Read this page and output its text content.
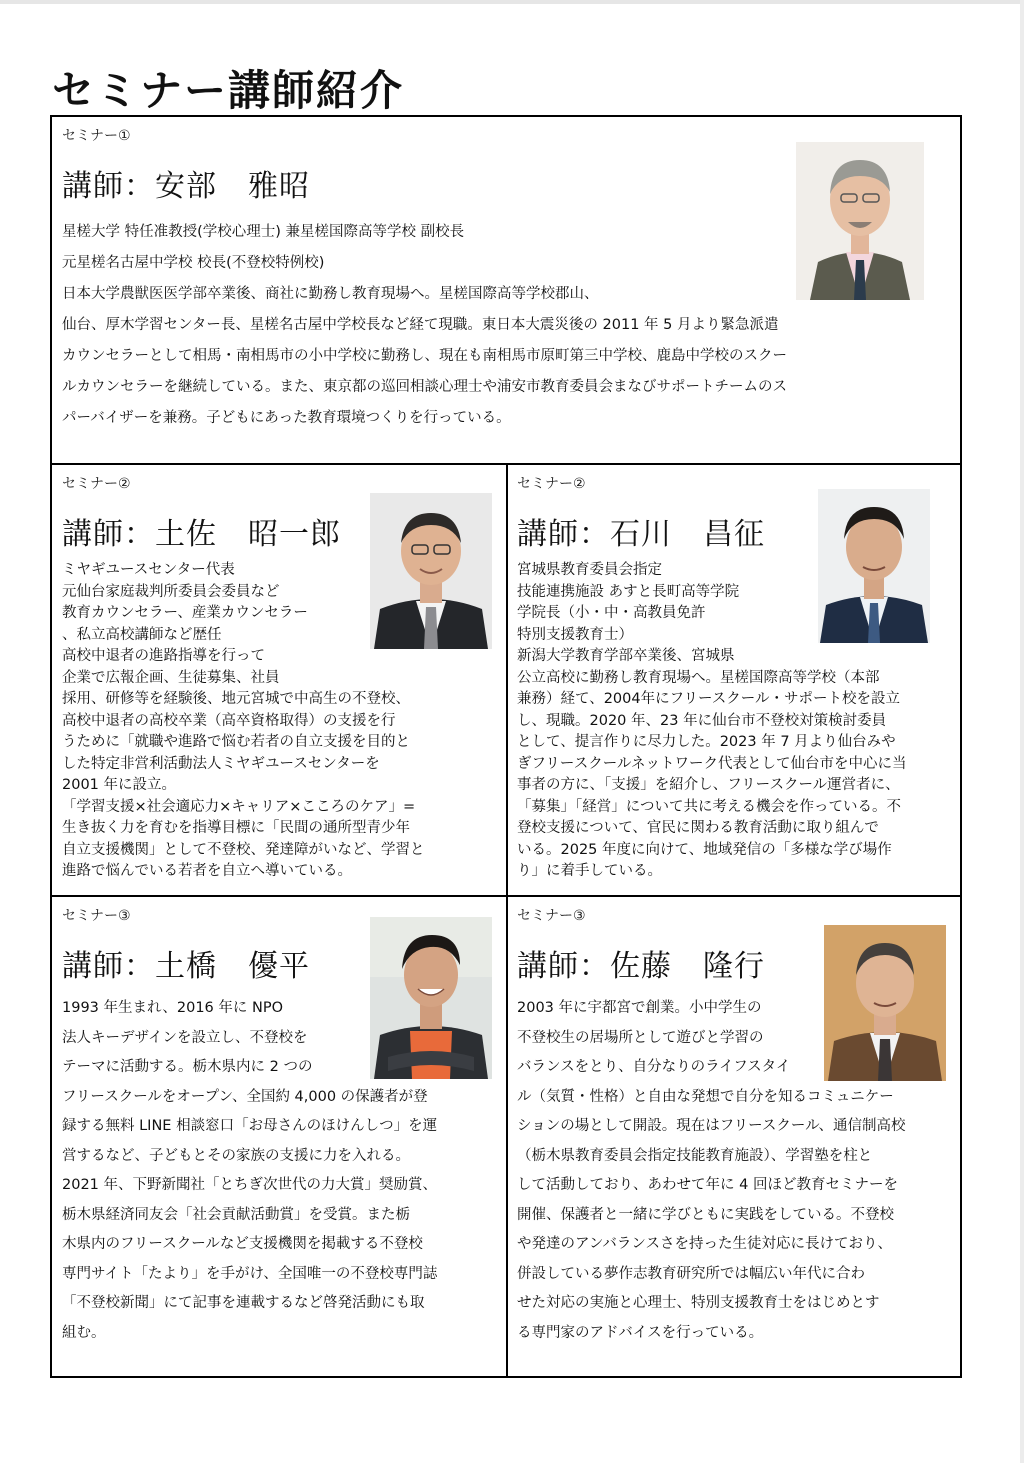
セミナー講師紹介
セミナー①
講師：安部　雅昭
星槎大学 特任准教授(学校心理士) 兼星槎国際高等学校 副校長
元星槎名古屋中学校 校長(不登校特例校)
日本大学農獣医医学部卒業後、商社に勤務し教育現場へ。星槎国際高等学校郡山、
仙台、厚木学習センター長、星槎名古屋中学校長など経て現職。東日本大震災後の 2011 年 5 月より緊急派遣
カウンセラーとして相馬・南相馬市の小中学校に勤務し、現在も南相馬市原町第三中学校、鹿島中学校のスクー
ルカウンセラーを継続している。また、東京都の巡回相談心理士や浦安市教育委員会まなびサポートチームのス
パーバイザーを兼務。子どもにあった教育環境つくりを行っている。
セミナー②
講師：土佐　昭一郎
ミヤギユースセンター代表
元仙台家庭裁判所委員会委員など
教育カウンセラー、産業カウンセラー
、私立高校講師など歴任
高校中退者の進路指導を行って
企業で広報企画、生徒募集、社員
採用、研修等を経験後、地元宮城で中高生の不登校、
高校中退者の高校卒業（高卒資格取得）の支援を行
うために「就職や進路で悩む若者の自立支援を目的と
した特定非営利活動法人ミヤギユースセンターを
2001 年に設立。
「学習支援×社会適応力×キャリア×こころのケア」=
生き抜く力を育むを指導目標に「民間の通所型青少年
自立支援機関」として不登校、発達障がいなど、学習と
進路で悩んでいる若者を自立へ導いている。
セミナー②
講師：石川　昌征
宮城県教育委員会指定
技能連携施設 あすと長町高等学院
学院長（小・中・高教員免許
特別支援教育士）
新潟大学教育学部卒業後、宮城県
公立高校に勤務し教育現場へ。星槎国際高等学校（本部
兼務）経て、2004年にフリースクール・サポート校を設立
し、現職。2020 年、23 年に仙台市不登校対策検討委員
として、提言作りに尽力した。2023 年 7 月より仙台みや
ぎフリースクールネットワーク代表として仙台市を中心に当
事者の方に、「支援」を紹介し、フリースクール運営者に、
「募集」「経営」について共に考える機会を作っている。不
登校支援について、官民に関わる教育活動に取り組んで
いる。2025 年度に向けて、地域発信の「多様な学び場作
り」に着手している。
セミナー③
講師：土橋　優平
1993 年生まれ、2016 年に NPO
法人キーデザインを設立し、不登校を
テーマに活動する。栃木県内に 2 つの
フリースクールをオープン、全国約 4,000 の保護者が登
録する無料 LINE 相談窓口「お母さんのほけんしつ」を運
営するなど、子どもとその家族の支援に力を入れる。
2021 年、下野新聞社「とちぎ次世代の力大賞」奨励賞、
栃木県経済同友会「社会貢献活動賞」を受賞。また栃
木県内のフリースクールなど支援機関を掲載する不登校
専門サイト「たより」を手がけ、全国唯一の不登校専門誌
「不登校新聞」にて記事を連載するなど啓発活動にも取
組む。
セミナー③
講師：佐藤　隆行
2003 年に宇都宮で創業。小中学生の
不登校生の居場所として遊びと学習の
バランスをとり、自分なりのライフスタイ
ル（気質・性格）と自由な発想で自分を知るコミュニケー
ションの場として開設。現在はフリースクール、通信制高校
（栃木県教育委員会指定技能教育施設）、学習塾を柱と
して活動しており、あわせて年に 4 回ほど教育セミナーを
開催、保護者と一緒に学びともに実践をしている。不登校
や発達のアンバランスさを持った生徒対応に長けており、
併設している夢作志教育研究所では幅広い年代に合わ
せた対応の実施と心理士、特別支援教育士をはじめとす
る専門家のアドバイスを行っている。
